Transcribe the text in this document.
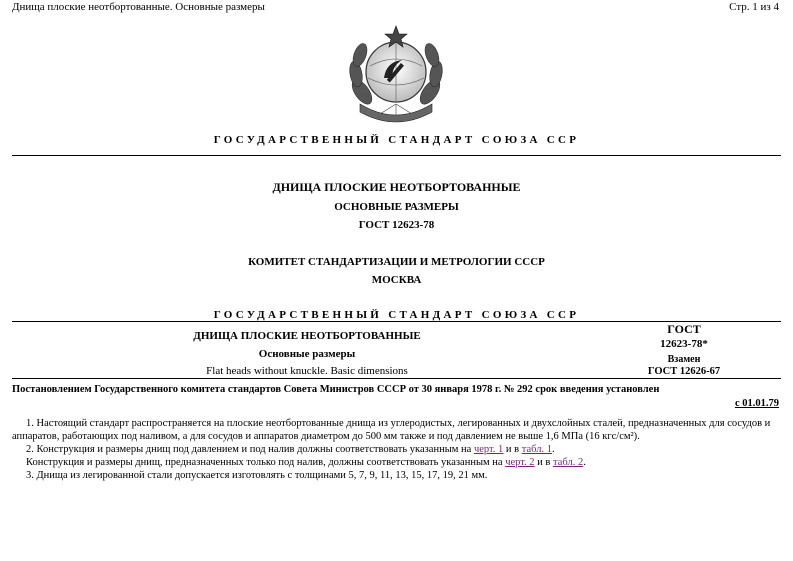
Днища плоские неотбортованные. Основные размеры	Стр. 1 из 4
ГОСУДАРСТВЕННЫЙ СТАНДАРТ СОЮЗА ССР
ДНИЩА ПЛОСКИЕ НЕОТБОРТОВАННЫЕ
ОСНОВНЫЕ РАЗМЕРЫ
ГОСТ 12623-78
КОМИТЕТ СТАНДАРТИЗАЦИИ И МЕТРОЛОГИИ СССР
МОСКВА
ГОСУДАРСТВЕННЫЙ СТАНДАРТ СОЮЗА ССР
ДНИЩА ПЛОСКИЕ НЕОТБОРТОВАННЫЕ
Основные размеры
Flat heads without knuckle. Basic dimensions
ГОСТ
12623-78*
Взамен
ГОСТ 12626-67
Постановлением Государственного комитета стандартов Совета Министров СССР от 30 января 1978 г. № 292 срок введения установлен
с 01.01.79

1. Настоящий стандарт распространяется на плоские неотбортованные днища из углеродистых, легированных и двухслойных сталей, предназначенных для сосудов и аппаратов, работающих под наливом, а для сосудов и аппаратов диаметром до 500 мм также и под давлением не выше 1,6 МПа (16 кгс/см²).

2. Конструкция и размеры днищ под давлением и под налив должны соответствовать указанным на черт. 1 и в табл. 1.

Конструкция и размеры днищ, предназначенных только под налив, должны соответствовать указанным на черт. 2 и в табл. 2.

3. Днища из легированной стали допускается изготовлять с толщинами 5, 7, 9, 11, 13, 15, 17, 19, 21 мм.
